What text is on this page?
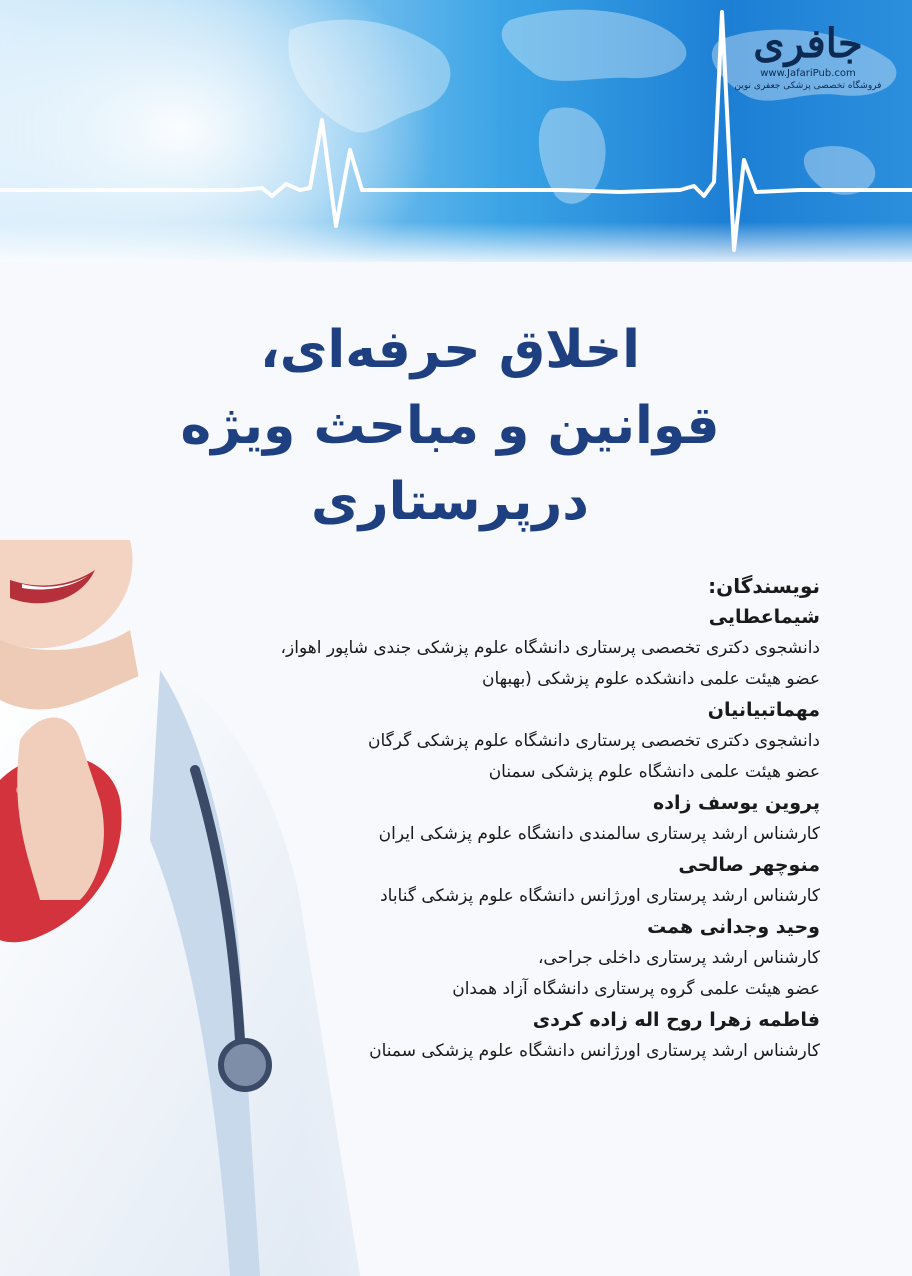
جافری
www.JafariPub.com
فروشگاه تخصصی پزشکی جعفری نوین
اخلاق حرفه‌ای،
قوانین و مباحث ویژه درپرستاری
نویسندگان:
شیماعطایی
دانشجوی دکتری تخصصی پرستاری دانشگاه علوم پزشکی جندی شاپور اهواز،
عضو هیئت علمی دانشکده علوم پزشکی (بهبهان
مهماتبیانیان
دانشجوی دکتری تخصصی پرستاری دانشگاه علوم پزشکی گرگان
عضو هیئت علمی دانشگاه علوم پزشکی سمنان
پروین یوسف زاده
کارشناس ارشد پرستاری سالمندی دانشگاه علوم پزشکی ایران
منوچهر صالحی
کارشناس ارشد پرستاری اورژانس دانشگاه علوم پزشکی گناباد
وحید وجدانی همت
کارشناس ارشد پرستاری داخلی جراحی،
عضو هیئت علمی گروه پرستاری دانشگاه آزاد همدان
فاطمه زهرا روح اله زاده کردی
کارشناس ارشد پرستاری اورژانس دانشگاه علوم پزشکی سمنان
